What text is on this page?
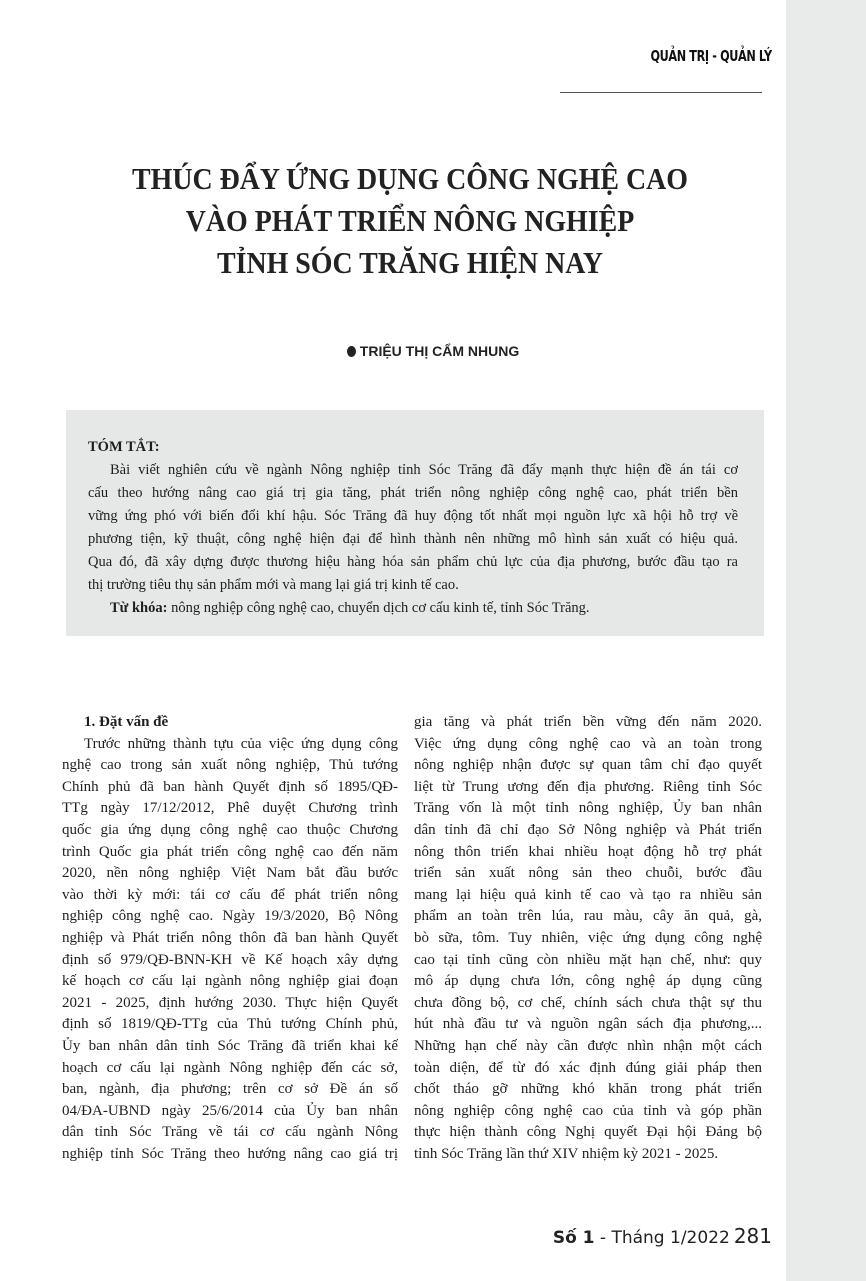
QUẢN TRỊ - QUẢN LÝ
THÚC ĐẨY ỨNG DỤNG CÔNG NGHỆ CAO
VÀO PHÁT TRIỂN NÔNG NGHIỆP
TỈNH SÓC TRĂNG HIỆN NAY
TRIỆU THỊ CẨM NHUNG
TÓM TẮT:
Bài viết nghiên cứu về ngành Nông nghiệp tỉnh Sóc Trăng đã đẩy mạnh thực hiện đề án tái cơ
cấu theo hướng nâng cao giá trị gia tăng, phát triển nông nghiệp công nghệ cao, phát triển bền
vững ứng phó với biến đổi khí hậu. Sóc Trăng đã huy động tốt nhất mọi nguồn lực xã hội hỗ trợ về
phương tiện, kỹ thuật, công nghệ hiện đại để hình thành nên những mô hình sản xuất có hiệu quả.
Qua đó, đã xây dựng được thương hiệu hàng hóa sản phẩm chủ lực của địa phương, bước đầu tạo ra
thị trường tiêu thụ sản phẩm mới và mang lại giá trị kinh tế cao.
Từ khóa: nông nghiệp công nghệ cao, chuyển dịch cơ cấu kinh tế, tỉnh Sóc Trăng.
1. Đặt vấn đề
Trước những thành tựu của việc ứng dụng công
nghệ cao trong sản xuất nông nghiệp, Thủ tướng
Chính phủ đã ban hành Quyết định số 1895/QĐ-
TTg ngày 17/12/2012, Phê duyệt Chương trình
quốc gia ứng dụng công nghệ cao thuộc Chương
trình Quốc gia phát triển công nghệ cao đến năm
2020, nền nông nghiệp Việt Nam bắt đầu bước
vào thời kỳ mới: tái cơ cấu để phát triển nông
nghiệp công nghệ cao. Ngày 19/3/2020, Bộ Nông
nghiệp và Phát triển nông thôn đã ban hành Quyết
định số 979/QĐ-BNN-KH về Kế hoạch xây dựng
kế hoạch cơ cấu lại ngành nông nghiệp giai đoạn
2021 - 2025, định hướng 2030. Thực hiện Quyết
định số 1819/QĐ-TTg của Thủ tướng Chính phủ,
Ủy ban nhân dân tỉnh Sóc Trăng đã triển khai kế
hoạch cơ cấu lại ngành Nông nghiệp đến các sở,
ban, ngành, địa phương; trên cơ sở Đề án số
04/ĐA-UBND ngày 25/6/2014 của Ủy ban nhân
dân tỉnh Sóc Trăng về tái cơ cấu ngành Nông
nghiệp tỉnh Sóc Trăng theo hướng nâng cao giá trị
gia tăng và phát triển bền vững đến năm 2020.
Việc ứng dụng công nghệ cao và an toàn trong
nông nghiệp nhận được sự quan tâm chỉ đạo quyết
liệt từ Trung ương đến địa phương. Riêng tỉnh Sóc
Trăng vốn là một tỉnh nông nghiệp, Ủy ban nhân
dân tỉnh đã chỉ đạo Sở Nông nghiệp và Phát triển
nông thôn triển khai nhiều hoạt động hỗ trợ phát
triển sản xuất nông sản theo chuỗi, bước đầu
mang lại hiệu quả kinh tế cao và tạo ra nhiều sản
phẩm an toàn trên lúa, rau màu, cây ăn quả, gà,
bò sữa, tôm. Tuy nhiên, việc ứng dụng công nghệ
cao tại tỉnh cũng còn nhiều mặt hạn chế, như: quy
mô áp dụng chưa lớn, công nghệ áp dụng cũng
chưa đồng bộ, cơ chế, chính sách chưa thật sự thu
hút nhà đầu tư và nguồn ngân sách địa phương,...
Những hạn chế này cần được nhìn nhận một cách
toàn diện, để từ đó xác định đúng giải pháp then
chốt tháo gỡ những khó khăn trong phát triển
nông nghiệp công nghệ cao của tỉnh và góp phần
thực hiện thành công Nghị quyết Đại hội Đảng bộ
tỉnh Sóc Trăng lần thứ XIV nhiệm kỳ 2021 - 2025.
Số 1 - Tháng 1/2022 281
